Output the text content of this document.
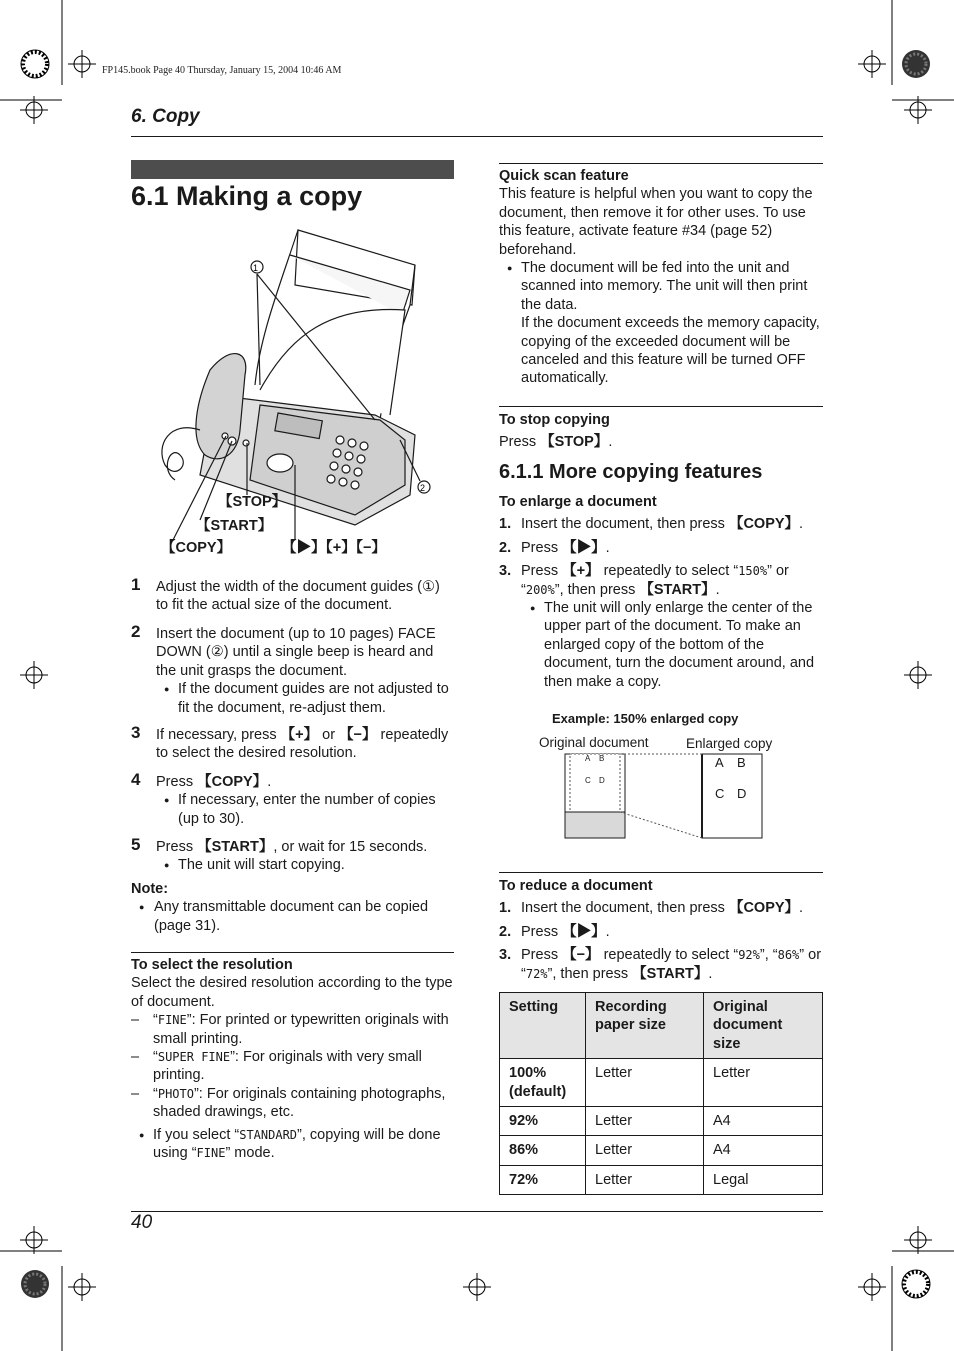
FP145.book Page 40 Thursday, January 15, 2004 10:46 AM
6. Copy
6.1 Making a copy
1
2
【STOP】
【START】
【COPY】	【▶】【+】【−】
1 Adjust the width of the document guides (①) to fit the actual size of the document.
2 Insert the document (up to 10 pages) FACE DOWN (②) until a single beep is heard and the unit grasps the document.
● If the document guides are not adjusted to fit the document, re-adjust them.
3 If necessary, press 【+】 or 【−】 repeatedly to select the desired resolution.
4 Press 【COPY】.
● If necessary, enter the number of copies (up to 30).
5 Press 【START】, or wait for 15 seconds.
● The unit will start copying.
Note:
● Any transmittable document can be copied (page 31).
To select the resolution
Select the desired resolution according to the type of document.
– “FINE”: For printed or typewritten originals with small printing.
– “SUPER FINE”: For originals with very small printing.
– “PHOTO”: For originals containing photographs, shaded drawings, etc.
● If you select “STANDARD”, copying will be done using “FINE” mode.
Quick scan feature
This feature is helpful when you want to copy the document, then remove it for other uses. To use this feature, activate feature #34 (page 52) beforehand.
● The document will be fed into the unit and scanned into memory. The unit will then print the data.
If the document exceeds the memory capacity, copying of the exceeded document will be canceled and this feature will be turned OFF automatically.
To stop copying
Press 【STOP】.
6.1.1 More copying features
To enlarge a document
1. Insert the document, then press 【COPY】.
2. Press 【▶】.
3. Press 【+】 repeatedly to select “150%” or “200%”, then press 【START】.
● The unit will only enlarge the center of the upper part of the document. To make an enlarged copy of the bottom of the document, turn the document around, and then make a copy.
Example: 150% enlarged copy
Original document	Enlarged copy
A B
C D
A B
C D
To reduce a document
1. Insert the document, then press 【COPY】.
2. Press 【▶】.
3. Press 【−】 repeatedly to select “92%”, “86%” or “72%”, then press 【START】.
Setting	Recording paper size	Original document size
100% (default)	Letter	Letter
92%	Letter	A4
86%	Letter	A4
72%	Letter	Legal
40
